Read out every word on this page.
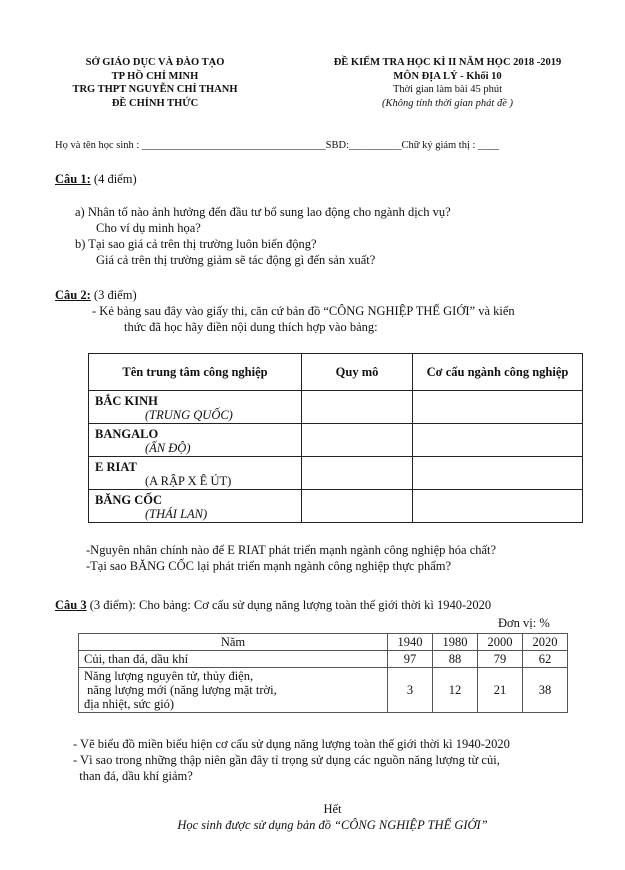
SỞ GIÁO DỤC VÀ ĐÀO TẠO
TP HỒ CHÍ MINH
TRG THPT NGUYỄN CHÍ THANH
ĐỀ CHÍNH THỨC
ĐỀ KIỂM TRA HỌC KÌ II NĂM HỌC 2018 -2019
MÔN ĐỊA LÝ - Khối 10
Thời gian làm bài 45 phút
(Không tính thời gian phát đề )
Họ và tên học sinh : ___________________________________SBD:__________Chữ ký giám thị : ____
Câu 1: (4 điểm)
a) Nhân tố nào ảnh hưởng đến đầu tư bổ sung lao động cho ngành dịch vụ?
Cho ví dụ minh họa?
b) Tại sao giá cả trên thị trường luôn biến động?
Giá cả trên thị trường giảm sẽ tác động gì đến sản xuất?
Câu 2: (3 điểm)
- Kẻ bảng sau đây vào giấy thi, căn cứ bản đồ “CÔNG NGHIỆP THẾ GIỚI” và kiến
thức đã học hãy điền nội dung thích hợp vào bảng:
Tên trung tâm công nghiệp	Quy mô	Cơ cấu ngành công nghiệp

BẮC KINH
(TRUNG QUỐC)		

BANGALO
(ẤN ĐỘ)		

E RIAT
(A RẬP X Ê ÚT)		

BĂNG CỐC
(THÁI LAN)		

-Nguyên nhân chính nào để E RIAT phát triển mạnh ngành công nghiệp hóa chất?
-Tại sao BĂNG CỐC lại phát triển mạnh ngành công nghiệp thực phẩm?
Câu 3 (3 điểm): Cho bảng: Cơ cấu sử dụng năng lượng toàn thế giới thời kì 1940-2020
Đơn vị: %
Năm	1940	1980	2000	2020
Củi, than đá, dầu khí	97	88	79	62

Năng lượng nguyên tử, thủy điện,
năng lượng mới (năng lượng mặt trời,
địa nhiệt, sức gió)	3	12	21	38
- Vẽ biểu đồ miền biểu hiện cơ cấu sử dụng năng lượng toàn thế giới thời kì 1940-2020
- Vì sao trong những thập niên gần đây tỉ trọng sử dụng các nguồn năng lượng từ củi,
than đá, dầu khí giảm?
Hết
Học sinh được sử dụng bản đồ “CÔNG NGHIỆP THẾ GIỚI”
